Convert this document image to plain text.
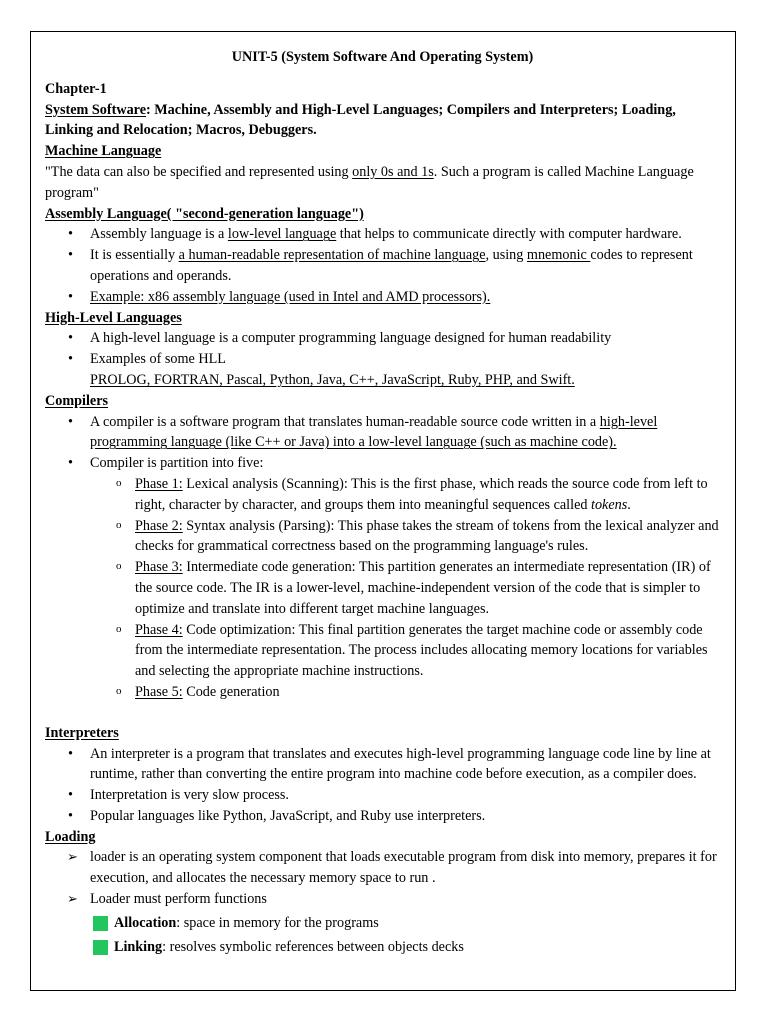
UNIT-5 (System Software And Operating System)

Chapter-1

System Software: Machine, Assembly and High-Level Languages; Compilers and Interpreters; Loading, Linking and Relocation; Macros, Debuggers.

Machine Language

"The data can also be specified and represented using only 0s and 1s. Such a program is called Machine Language program"

Assembly Language( "second-generation language")

• Assembly language is a low-level language that helps to communicate directly with computer hardware.
• It is essentially a human-readable representation of machine language, using mnemonic codes to represent operations and operands.
• Example: x86 assembly language (used in Intel and AMD processors).

High-Level Languages

• A high-level language is a computer programming language designed for human readability
• Examples of some HLL
PROLOG, FORTRAN, Pascal, Python, Java, C++, JavaScript, Ruby, PHP, and Swift.

Compilers

• A compiler is a software program that translates human-readable source code written in a high-level programming language (like C++ or Java) into a low-level language (such as machine code).
• Compiler is partition into five:
o Phase 1: Lexical analysis (Scanning): This is the first phase, which reads the source code from left to right, character by character, and groups them into meaningful sequences called tokens.
o Phase 2: Syntax analysis (Parsing): This phase takes the stream of tokens from the lexical analyzer and checks for grammatical correctness based on the programming language's rules.
o Phase 3: Intermediate code generation: This partition generates an intermediate representation (IR) of the source code. The IR is a lower-level, machine-independent version of the code that is simpler to optimize and translate into different target machine languages.
o Phase 4: Code optimization: This final partition generates the target machine code or assembly code from the intermediate representation. The process includes allocating memory locations for variables and selecting the appropriate machine instructions.
o Phase 5: Code generation

Interpreters

• An interpreter is a program that translates and executes high-level programming language code line by line at runtime, rather than converting the entire program into machine code before execution, as a compiler does.
• Interpretation is very slow process.
• Popular languages like Python, JavaScript, and Ruby use interpreters.

Loading

➢ loader is an operating system component that loads executable program from disk into memory, prepares it for execution, and allocates the necessary memory space to run .
➢ Loader must perform functions
Allocation: space in memory for the programs
Linking: resolves symbolic references between objects decks
